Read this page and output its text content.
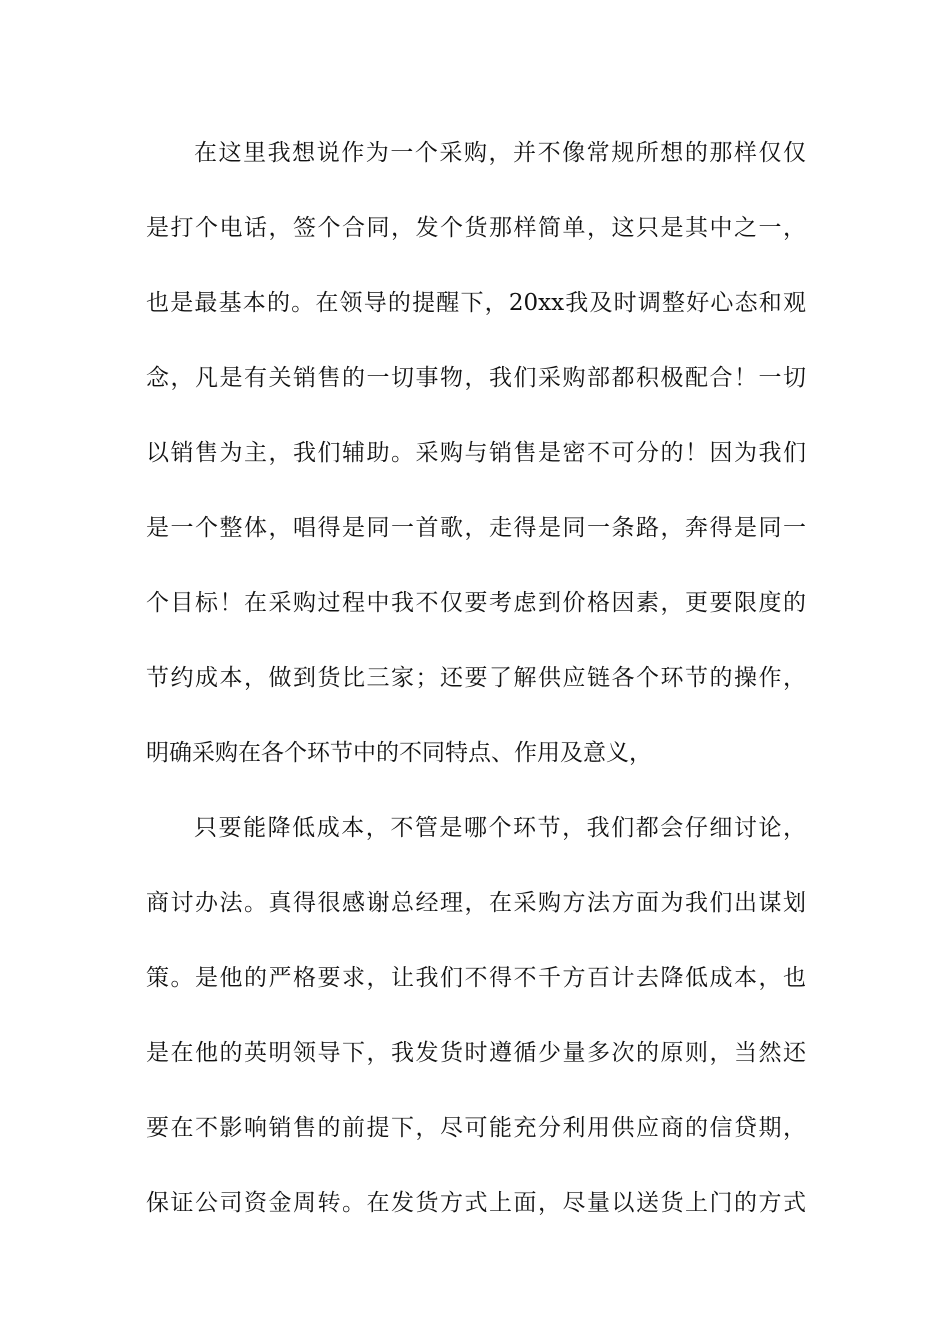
在这里我想说作为一个采购，并不像常规所想的那样仅仅
是打个电话，签个合同，发个货那样简单，这只是其中之一，
也是最基本的。在领导的提醒下，20xx我及时调整好心态和观
念，凡是有关销售的一切事物，我们采购部都积极配合！一切
以销售为主，我们辅助。采购与销售是密不可分的！因为我们
是一个整体，唱得是同一首歌，走得是同一条路，奔得是同一
个目标！在采购过程中我不仅要考虑到价格因素，更要限度的
节约成本，做到货比三家；还要了解供应链各个环节的操作，
明确采购在各个环节中的不同特点、作用及意义，
只要能降低成本，不管是哪个环节，我们都会仔细讨论，
商讨办法。真得很感谢总经理，在采购方法方面为我们出谋划
策。是他的严格要求，让我们不得不千方百计去降低成本，也
是在他的英明领导下，我发货时遵循少量多次的原则，当然还
要在不影响销售的前提下，尽可能充分利用供应商的信贷期，
保证公司资金周转。在发货方式上面，尽量以送货上门的方式
